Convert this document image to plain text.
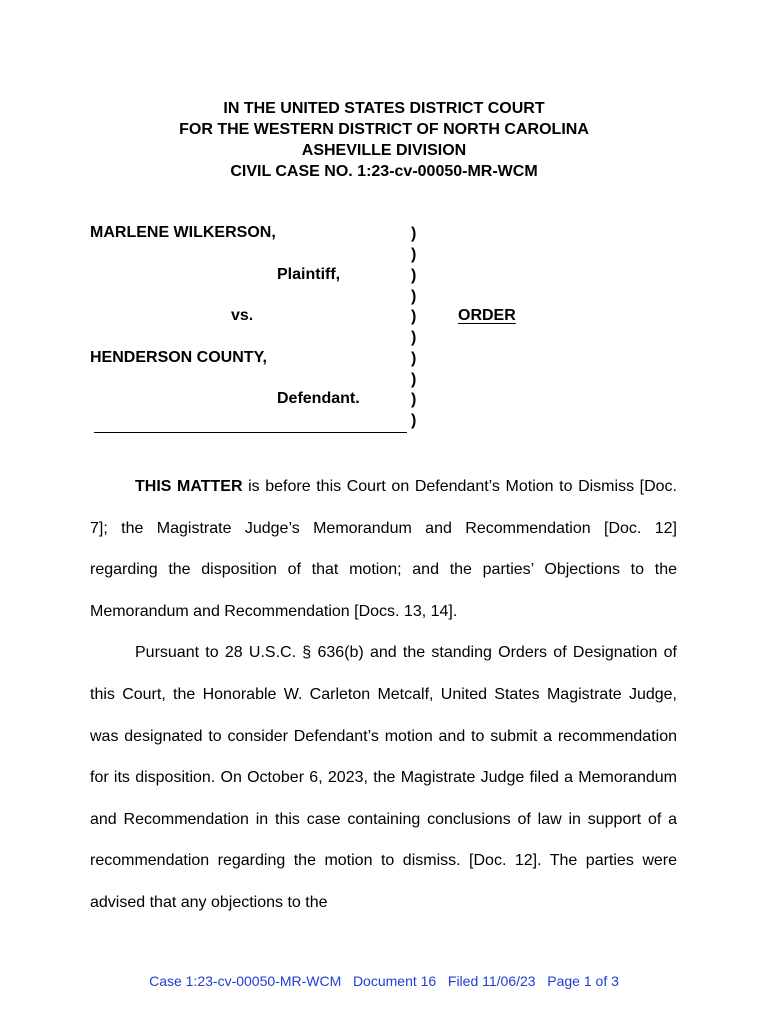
IN THE UNITED STATES DISTRICT COURT
FOR THE WESTERN DISTRICT OF NORTH CAROLINA
ASHEVILLE DIVISION
CIVIL CASE NO. 1:23-cv-00050-MR-WCM
MARLENE WILKERSON,
Plaintiff,
vs.
HENDERSON COUNTY,
Defendant.
)
)
)
)
)
)
)
)
)
)
ORDER

THIS MATTER is before this Court on Defendant’s Motion to Dismiss [Doc. 7]; the Magistrate Judge’s Memorandum and Recommendation [Doc. 12] regarding the disposition of that motion; and the parties’ Objections to the Memorandum and Recommendation [Docs. 13, 14].

Pursuant to 28 U.S.C. § 636(b) and the standing Orders of Designation of this Court, the Honorable W. Carleton Metcalf, United States Magistrate Judge, was designated to consider Defendant’s motion and to submit a recommendation for its disposition. On October 6, 2023, the Magistrate Judge filed a Memorandum and Recommendation in this case containing conclusions of law in support of a recommendation regarding the motion to dismiss. [Doc. 12]. The parties were advised that any objections to the

Case 1:23-cv-00050-MR-WCM Document 16 Filed 11/06/23 Page 1 of 3
